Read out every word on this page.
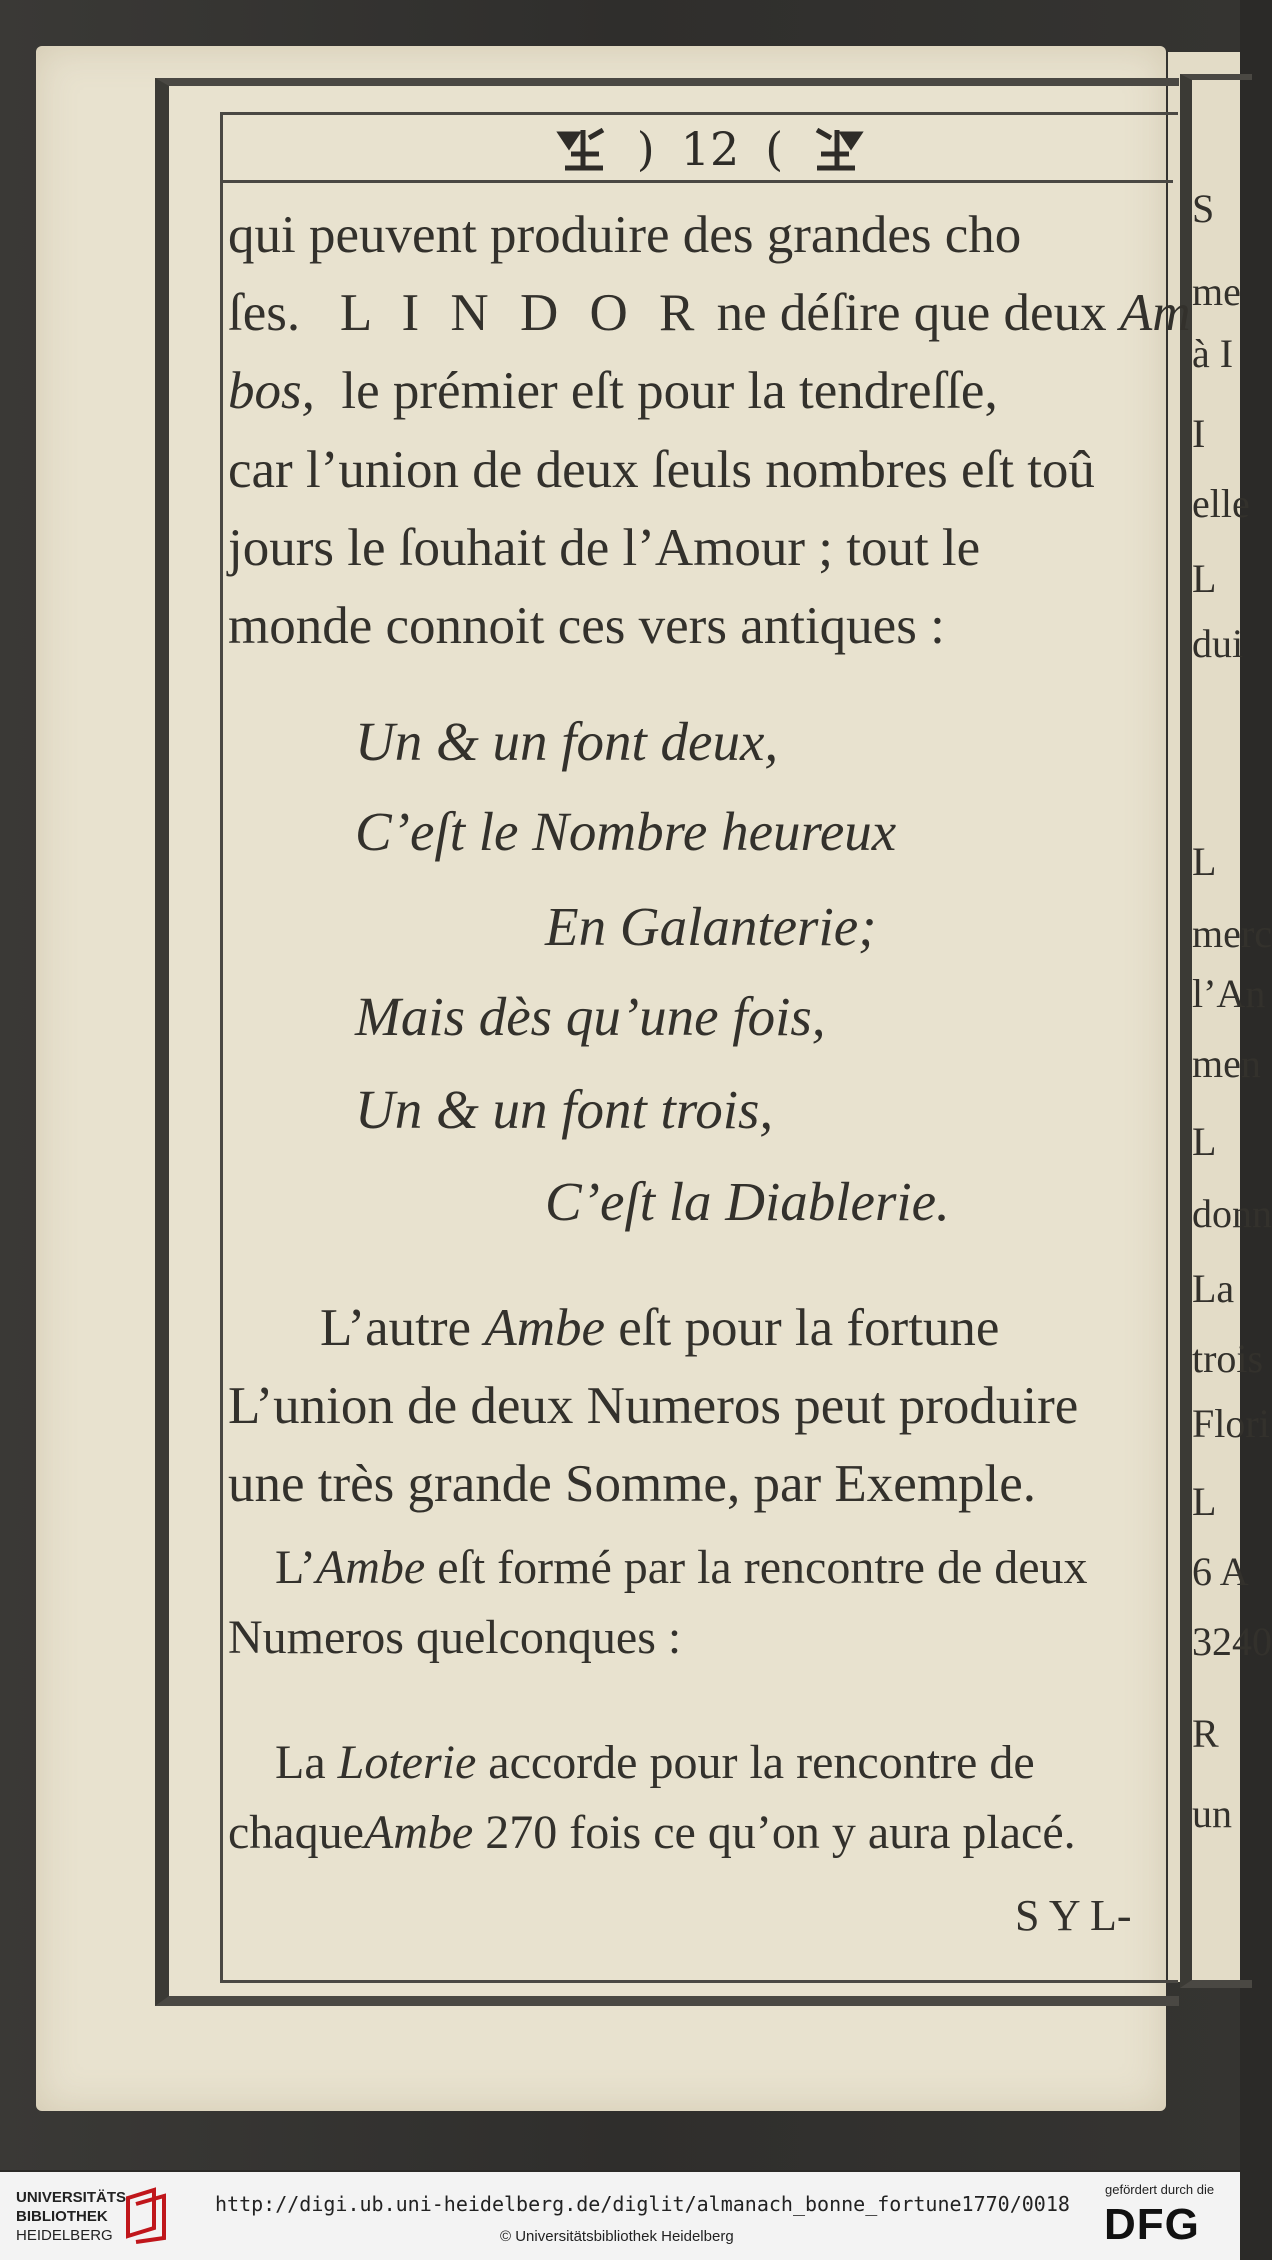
S
me
à I
I
elle
L
dui
L
merc
l’An
men
L
donn
La
trois
Flori
L
6 A
3240
R
un
) 12 (
qui peuvent produire des grandes cho
ſes. L I N D O R ne déſire que deux Am
bos, le prémier eſt pour la tendreſſe,
car l’union de deux ſeuls nombres eſt toû
jours le ſouhait de l’Amour ; tout le
monde connoit ces vers antiques :
Un & un font deux,
C’eſt le Nombre heureux
En Galanterie;
Mais dès qu’une fois,
Un & un font trois,
C’eſt la Diablerie.
L’autre Ambe eſt pour la fortune
L’union de deux Numeros peut produire
une très grande Somme, par Exemple.
L’Ambe eſt formé par la rencontre de deux
Numeros quelconques :
La Loterie accorde pour la rencontre de
chaqueAmbe 270 fois ce qu’on y aura placé.
S Y L-
UNIVERSITÄTS-
BIBLIOTHEK
HEIDELBERG
http://digi.ub.uni-heidelberg.de/diglit/almanach_bonne_fortune1770/0018
© Universitätsbibliothek Heidelberg
gefördert durch die
DFG
